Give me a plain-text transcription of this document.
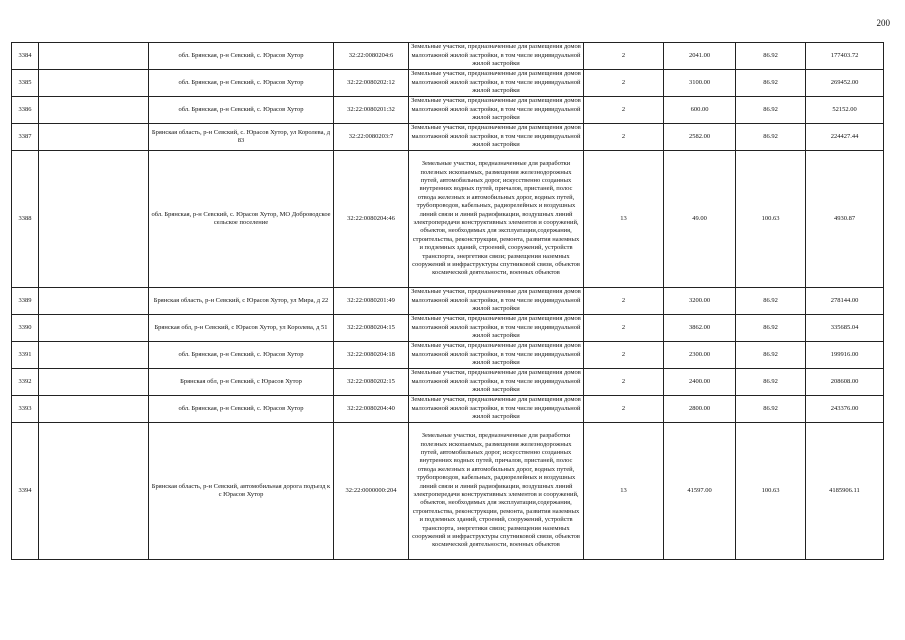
200
3384		обл. Брянская, р-н Севский, с. Юрасов Хутор	32:22:0080204:6	Земельные участки, предназначенные для размещения домов малоэтажной жилой застройки, в том числе индивидуальной жилой застройки	2	2041.00	86.92	177403.72
3385		обл. Брянская, р-н Севский, с. Юрасов Хутор	32:22:0080202:12	Земельные участки, предназначенные для размещения домов малоэтажной жилой застройки, в том числе индивидуальной жилой застройки	2	3100.00	86.92	269452.00
3386		обл. Брянская, р-н Севский, с. Юрасов Хутор	32:22:0080201:32	Земельные участки, предназначенные для размещения домов малоэтажной жилой застройки, в том числе индивидуальной жилой застройки	2	600.00	86.92	52152.00
3387		Брянская область, р-н Севский, с. Юрасов Хутор, ул Королева, д 83	32:22:0080203:7	Земельные участки, предназначенные для размещения домов малоэтажной жилой застройки, в том числе индивидуальной жилой застройки	2	2582.00	86.92	224427.44
3388		обл. Брянская, р-н Севский, с. Юрасов Хутор, МО Доброводское сельское поселение	32:22:0080204:46	Земельные участки, предназначенные для разработки полезных ископаемых, размещения железнодорожных путей, автомобильных дорог, искусственно созданных внутренних водных путей, причалов, пристаней, полос отвода железных и автомобильных дорог, водных путей, трубопроводов, кабельных, радиорелейных и воздушных линий связи и линий радиофикации, воздушных линий электропередачи конструктивных элементов и сооружений, объектов, необходимых для эксплуатации,содержания, строительства, реконструкции, ремонта, развития наземных и подземных зданий, строений, сооружений, устройств транспорта, энергетики связи; размещения наземных сооружений и инфраструктуры спутниковой связи, объектов космической деятельности, военных объектов	13	49.00	100.63	4930.87
3389		Брянская область, р-н Севский, с Юрасов Хутор, ул Мира, д 22	32:22:0080201:49	Земельные участки, предназначенные для размещения домов малоэтажной жилой застройки, в том числе индивидуальной жилой застройки	2	3200.00	86.92	278144.00
3390		Брянская обл, р-н Севский, с Юрасов Хутор, ул Королева, д 51	32:22:0080204:15	Земельные участки, предназначенные для размещения домов малоэтажной жилой застройки, в том числе индивидуальной жилой застройки	2	3862.00	86.92	335685.04
3391		обл. Брянская, р-н Севский, с. Юрасов Хутор	32:22:0080204:18	Земельные участки, предназначенные для размещения домов малоэтажной жилой застройки, в том числе индивидуальной жилой застройки	2	2300.00	86.92	199916.00
3392		Брянская обл, р-н Севский, с Юрасов Хутор	32:22:0080202:15	Земельные участки, предназначенные для размещения домов малоэтажной жилой застройки, в том числе индивидуальной жилой застройки	2	2400.00	86.92	208608.00
3393		обл. Брянская, р-н Севский, с. Юрасов Хутор	32:22:0080204:40	Земельные участки, предназначенные для размещения домов малоэтажной жилой застройки, в том числе индивидуальной жилой застройки	2	2800.00	86.92	243376.00
3394		Брянская область, р-н Севский, автомобильная дорога подъезд к с Юрасов Хутор	32:22:0000000:204	Земельные участки, предназначенные для разработки полезных ископаемых, размещения железнодорожных путей, автомобильных дорог, искусственно созданных внутренних водных путей, причалов, пристаней, полос отвода железных и автомобильных дорог, водных путей, трубопроводов, кабельных, радиорелейных и воздушных линий связи и линий радиофикации, воздушных линий электропередачи конструктивных элементов и сооружений, объектов, необходимых для эксплуатации,содержания, строительства, реконструкции, ремонта, развития наземных и подземных зданий, строений, сооружений, устройств транспорта, энергетики связи; размещения наземных сооружений и инфраструктуры спутниковой связи, объектов космической деятельности, военных объектов	13	41597.00	100.63	4185906.11
